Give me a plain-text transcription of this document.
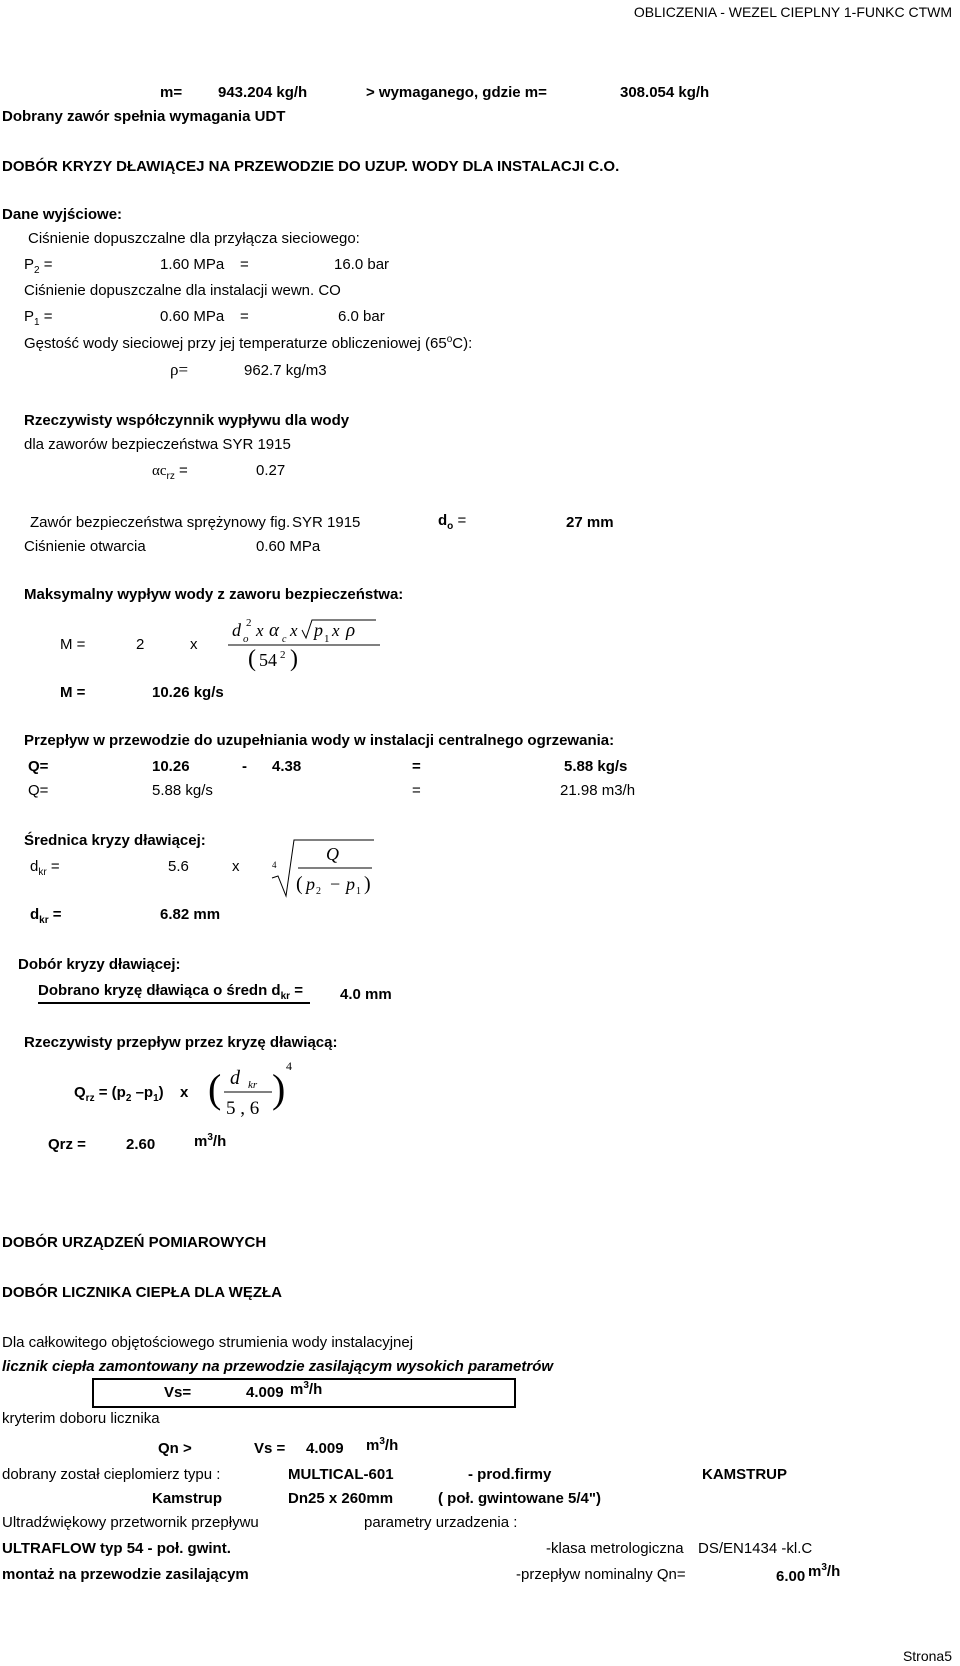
OBLICZENIA - WEZEL CIEPLNY 1-FUNKC CTWM
Strona5
m= 943.204 kg/h	> wymaganego, gdzie m=	308.054 kg/h
Dobrany zawór spełnia wymagania UDT
DOBÓR KRYZY DŁAWIĄCEJ NA PRZEWODZIE DO UZUP. WODY DLA INSTALACJI C.O.
Dane wyjściowe:
Ciśnienie dopuszczalne dla przyłącza sieciowego:
$P_2$ =	1.60 MPa =	16.0 bar
Ciśnienie dopuszczalne dla instalacji wewn. CO
$P_1$ =	0.60 MPa =	6.0 bar
Gęstość wody sieciowej przy jej temperaturze obliczeniowej (65$^o$C):
ρ=	962.7 kg/m3
Rzeczywisty współczynnik wypływu dla wody
dla zaworów bezpieczeństwa SYR 1915
$\alpha c_{rz}$ =	0.27
Zawór bezpieczeństwa sprężynowy fig. SYR 1915	$d_o$ =	27 mm
Ciśnienie otwarcia	0.60 MPa
Maksymalny wypływ wody z zaworu bezpieczeństwa:
M =	2	x
d o
2 x α c x p 1 x ρ
( 54 2 )
M =	10.26 kg/s
Przepływ w przewodzie do uzupełniania wody w instalacji centralnego ogrzewania:
Q=	10.26	- 4.38	=	5.88 kg/s
Q=	5.88 kg/s	=	21.98 m3/h
Średnica kryzy dławiącej:
$d_{kr}$ =	5.6	x	4
Q
( p 2 − p 1 )
$d_{kr}$ =	6.82 mm
Dobór kryzy dławiącej:
Dobrano kryzę dławiąca o średn $d_{kr} = 4.0$ mm
Rzeczywisty przepływ przez kryzę dławiącą:
$Q_{rz} = (p_2$ $-p_1$) x ( d kr
5 , 6 ) 4
Qrz =	2.60	$m^3/h$
DOBÓR URZĄDZEŃ POMIAROWYCH
DOBÓR LICZNIKA CIEPŁA DLA WĘZŁA
Dla całkowitego objętościowego strumienia wody instalacyjnej
licznik ciepła zamontowany na przewodzie zasilającym wysokich parametrów
Vs=	4.009 $m^3/h$
kryterim doboru licznika
Qn >	Vs = 4.009 $m^3/h$
dobrany został cieplomierz typu :	MULTICAL-601	- prod.firmy	KAMSTRUP
Kamstrup	Dn25 x 260mm	( poł. gwintowane 5/4")
Ultradźwiękowy przetwornik przepływu	parametry urzadzenia :
ULTRAFLOW typ 54 - poł. gwint.	-klasa metrologiczna DS/EN1434 -kl.C
montaż na przewodzie zasilającym	-przepływ nominalny Qn=	6.00 $m^3/h$
